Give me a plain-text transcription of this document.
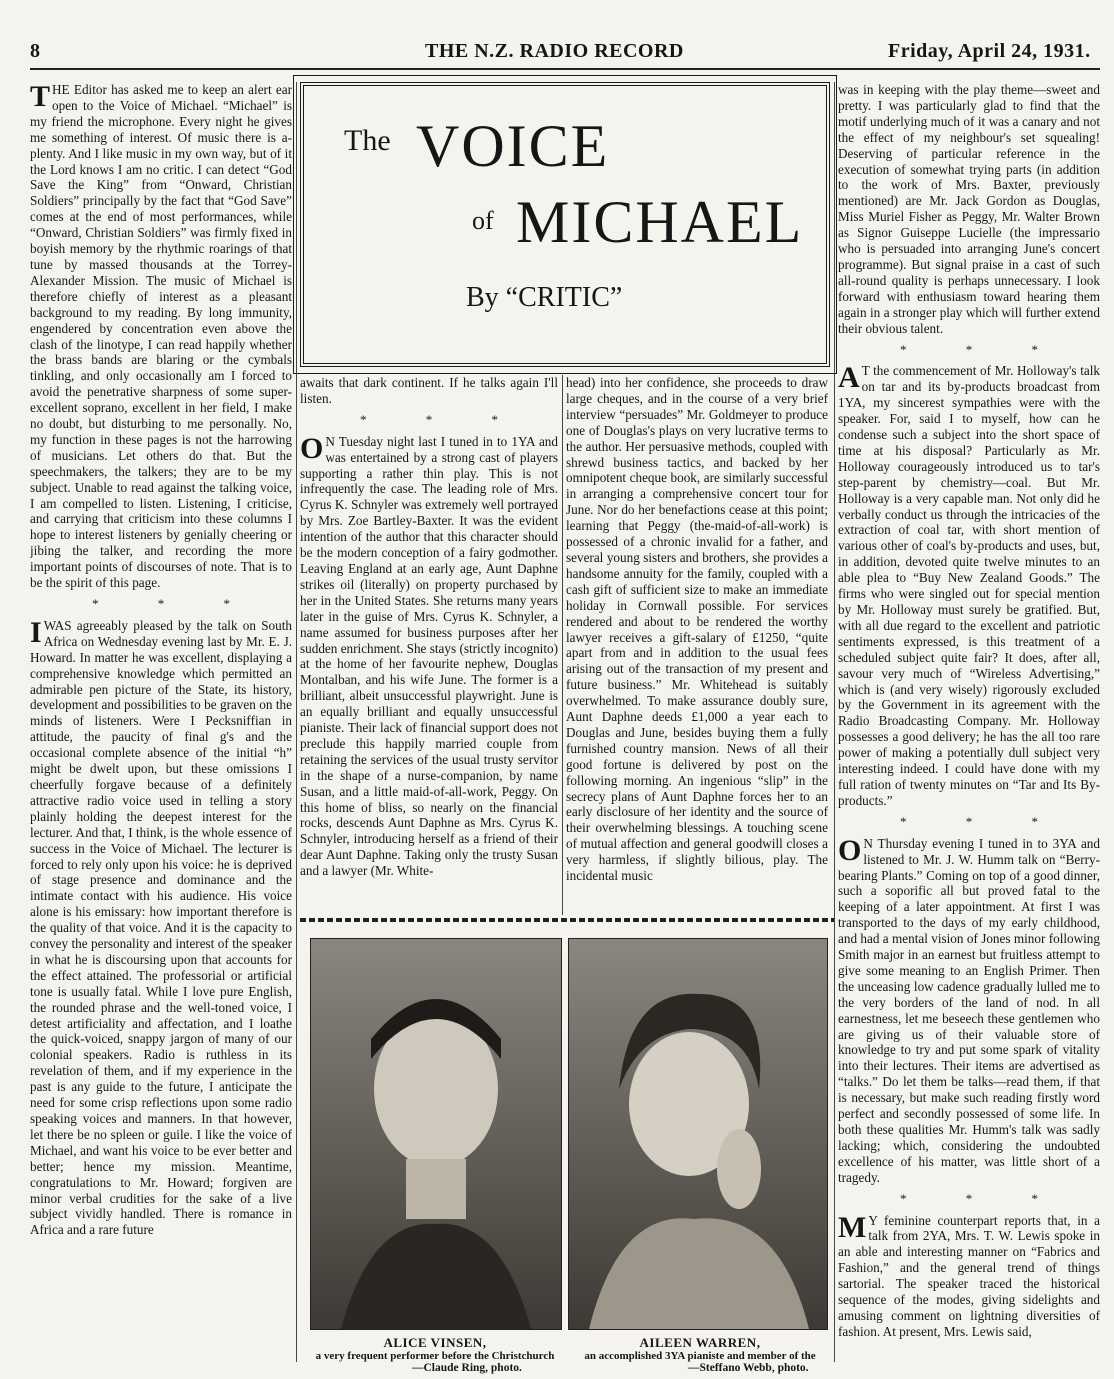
8	THE N.Z. RADIO RECORD	Friday, April 24, 1931.

THE Editor has asked me to keep an alert ear open to the Voice of Michael. “Michael” is my friend the microphone. Every night he gives me something of interest. Of music there is a-plenty. And I like music in my own way, but of it the Lord knows I am no critic. I can detect “God Save the King” from “Onward, Christian Soldiers” principally by the fact that “God Save” comes at the end of most performances, while “Onward, Christian Soldiers” was firmly fixed in boyish memory by the rhythmic roarings of that tune by massed thousands at the Torrey-Alexander Mission. The music of Michael is therefore chiefly of interest as a pleasant background to my reading. By long immunity, engendered by concentration even above the clash of the linotype, I can read happily whether the brass bands are blaring or the cymbals tinkling, and only occasionally am I forced to avoid the penetrative sharpness of some super-excellent soprano, excellent in her field, I make no doubt, but disturbing to me personally. No, my function in these pages is not the harrowing of musicians. Let others do that. But the speechmakers, the talkers; they are to be my subject. Unable to read against the talking voice, I am compelled to listen. Listening, I criticise, and carrying that criticism into these columns I hope to interest listeners by genially cheering or jibing the talker, and recording the more important points of discourses of note. That is to be the spirit of this page.

* * *

IWAS agreeably pleased by the talk on South Africa on Wednesday evening last by Mr. E. J. Howard. In matter he was excellent, displaying a comprehensive knowledge which permitted an admirable pen picture of the State, its history, development and possibilities to be graven on the minds of listeners. Were I Pecksniffian in attitude, the paucity of final g's and the occasional complete absence of the initial “h” might be dwelt upon, but these omissions I cheerfully forgave because of a definitely attractive radio voice used in telling a story plainly holding the deepest interest for the lecturer. And that, I think, is the whole essence of success in the Voice of Michael. The lecturer is forced to rely only upon his voice: he is deprived of stage presence and dominance and the intimate contact with his audience. His voice alone is his emissary: how important therefore is the quality of that voice. And it is the capacity to convey the personality and interest of the speaker in what he is discoursing upon that accounts for the effect attained. The professorial or artificial tone is usually fatal. While I love pure English, the rounded phrase and the well-toned voice, I detest artificiality and affectation, and I loathe the quick-voiced, snappy jargon of many of our colonial speakers. Radio is ruthless in its revelation of them, and if my experience in the past is any guide to the future, I anticipate the need for some crisp reflections upon some radio speaking voices and manners. In that however, let there be no spleen or guile. I like the voice of Michael, and want his voice to be ever better and better; hence my mission. Meantime, congratulations to Mr. Howard; forgiven are minor verbal crudities for the sake of a live subject vividly handled. There is romance in Africa and a rare future

The VOICE
of MICHAEL
By “CRITIC”

awaits that dark continent. If he talks again I'll listen.

* * *

O N Tuesday night last I tuned in to 1YA and was entertained by a strong cast of players supporting a rather thin play. This is not infrequently the case. The leading role of Mrs. Cyrus K. Schnyler was extremely well portrayed by Mrs. Zoe Bartley-Baxter. It was the evident intention of the author that this character should be the modern conception of a fairy godmother. Leaving England at an early age, Aunt Daphne strikes oil (literally) on property purchased by her in the United States. She returns many years later in the guise of Mrs. Cyrus K. Schnyler, a name assumed for business purposes after her sudden enrichment. She stays (strictly incognito) at the home of her favourite nephew, Douglas Montalban, and his wife June. The former is a brilliant, albeit unsuccessful playwright. June is an equally brilliant and equally unsuccessful pianiste. Their lack of financial support does not preclude this happily married couple from retaining the services of the usual trusty servitor in the shape of a nurse-companion, by name Susan, and a little maid-of-all-work, Peggy. On this home of bliss, so nearly on the financial rocks, descends Aunt Daphne as Mrs. Cyrus K. Schnyler, introducing herself as a friend of their dear Aunt Daphne. Taking only the trusty Susan and a lawyer (Mr. White-

head) into her confidence, she proceeds to draw large cheques, and in the course of a very brief interview “persuades” Mr. Goldmeyer to produce one of Douglas's plays on very lucrative terms to the author. Her persuasive methods, coupled with shrewd business tactics, and backed by her omnipotent cheque book, are similarly successful in arranging a comprehensive concert tour for June. Nor do her benefactions cease at this point; learning that Peggy (the-maid-of-all-work) is possessed of a chronic invalid for a father, and several young sisters and brothers, she provides a handsome annuity for the family, coupled with a cash gift of sufficient size to make an immediate holiday in Cornwall possible. For services rendered and about to be rendered the worthy lawyer receives a gift-salary of £1250, “quite apart from and in addition to the usual fees arising out of the transaction of my present and future business.” Mr. Whitehead is suitably overwhelmed. To make assurance doubly sure, Aunt Daphne deeds £1,000 a year each to Douglas and June, besides buying them a fully furnished country mansion. News of all their good fortune is delivered by post on the following morning. An ingenious “slip” in the secrecy plans of Aunt Daphne forces her to an early disclosure of her identity and the source of their overwhelming blessings. A touching scene of mutual affection and general goodwill closes a very harmless, if slightly bilious, play. The incidental music

ALICE VINSEN,
a very frequent performer before the Christchurch
—Claude Ring, photo.
AILEEN WARREN,
an accomplished 3YA pianiste and member of the
—Steffano Webb, photo.

was in keeping with the play theme—sweet and pretty. I was particularly glad to find that the motif underlying much of it was a canary and not the effect of my neighbour's set squealing! Deserving of particular reference in the execution of somewhat trying parts (in addition to the work of Mrs. Baxter, previously mentioned) are Mr. Jack Gordon as Douglas, Miss Muriel Fisher as Peggy, Mr. Walter Brown as Signor Guiseppe Lucielle (the impressario who is persuaded into arranging June's concert programme). But signal praise in a cast of such all-round quality is perhaps unnecessary. I look forward with enthusiasm toward hearing them again in a stronger play which will further extend their obvious talent.

* * *

A T the commencement of Mr. Holloway's talk on tar and its by-products broadcast from 1YA, my sincerest sympathies were with the speaker. For, said I to myself, how can he condense such a subject into the short space of time at his disposal? Particularly as Mr. Holloway courageously introduced us to tar's step-parent by chemistry—coal. But Mr. Holloway is a very capable man. Not only did he verbally conduct us through the intricacies of the extraction of coal tar, with short mention of various other of coal's by-products and uses, but, in addition, devoted quite twelve minutes to an able plea to “Buy New Zealand Goods.” The firms who were singled out for special mention by Mr. Holloway must surely be gratified. But, with all due regard to the excellent and patriotic sentiments expressed, is this treatment of a scheduled subject quite fair? It does, after all, savour very much of “Wireless Advertising,” which is (and very wisely) rigorously excluded by the Government in its agreement with the Radio Broadcasting Company. Mr. Holloway possesses a good delivery; he has the all too rare power of making a potentially dull subject very interesting indeed. I could have done with my full ration of twenty minutes on “Tar and Its By-products.”

* * *

O N Thursday evening I tuned in to 3YA and listened to Mr. J. W. Humm talk on “Berry-bearing Plants.” Coming on top of a good dinner, such a soporific all but proved fatal to the keeping of a later appointment. At first I was transported to the days of my early childhood, and had a mental vision of Jones minor following Smith major in an earnest but fruitless attempt to give some meaning to an English Primer. Then the unceasing low cadence gradually lulled me to the very borders of the land of nod. In all earnestness, let me beseech these gentlemen who are giving us of their valuable store of knowledge to try and put some spark of vitality into their lectures. Their items are advertised as “talks.” Do let them be talks—read them, if that is necessary, but make such reading firstly word perfect and secondly possessed of some life. In both these qualities Mr. Humm's talk was sadly lacking; which, considering the undoubted excellence of his matter, was little short of a tragedy.

* * *

M Y feminine counterpart reports that, in a talk from 2YA, Mrs. T. W. Lewis spoke in an able and interesting manner on “Fabrics and Fashion,” and the general trend of things sartorial. The speaker traced the historical sequence of the modes, giving sidelights and amusing comment on lightning diversities of fashion. At present, Mrs. Lewis said,
